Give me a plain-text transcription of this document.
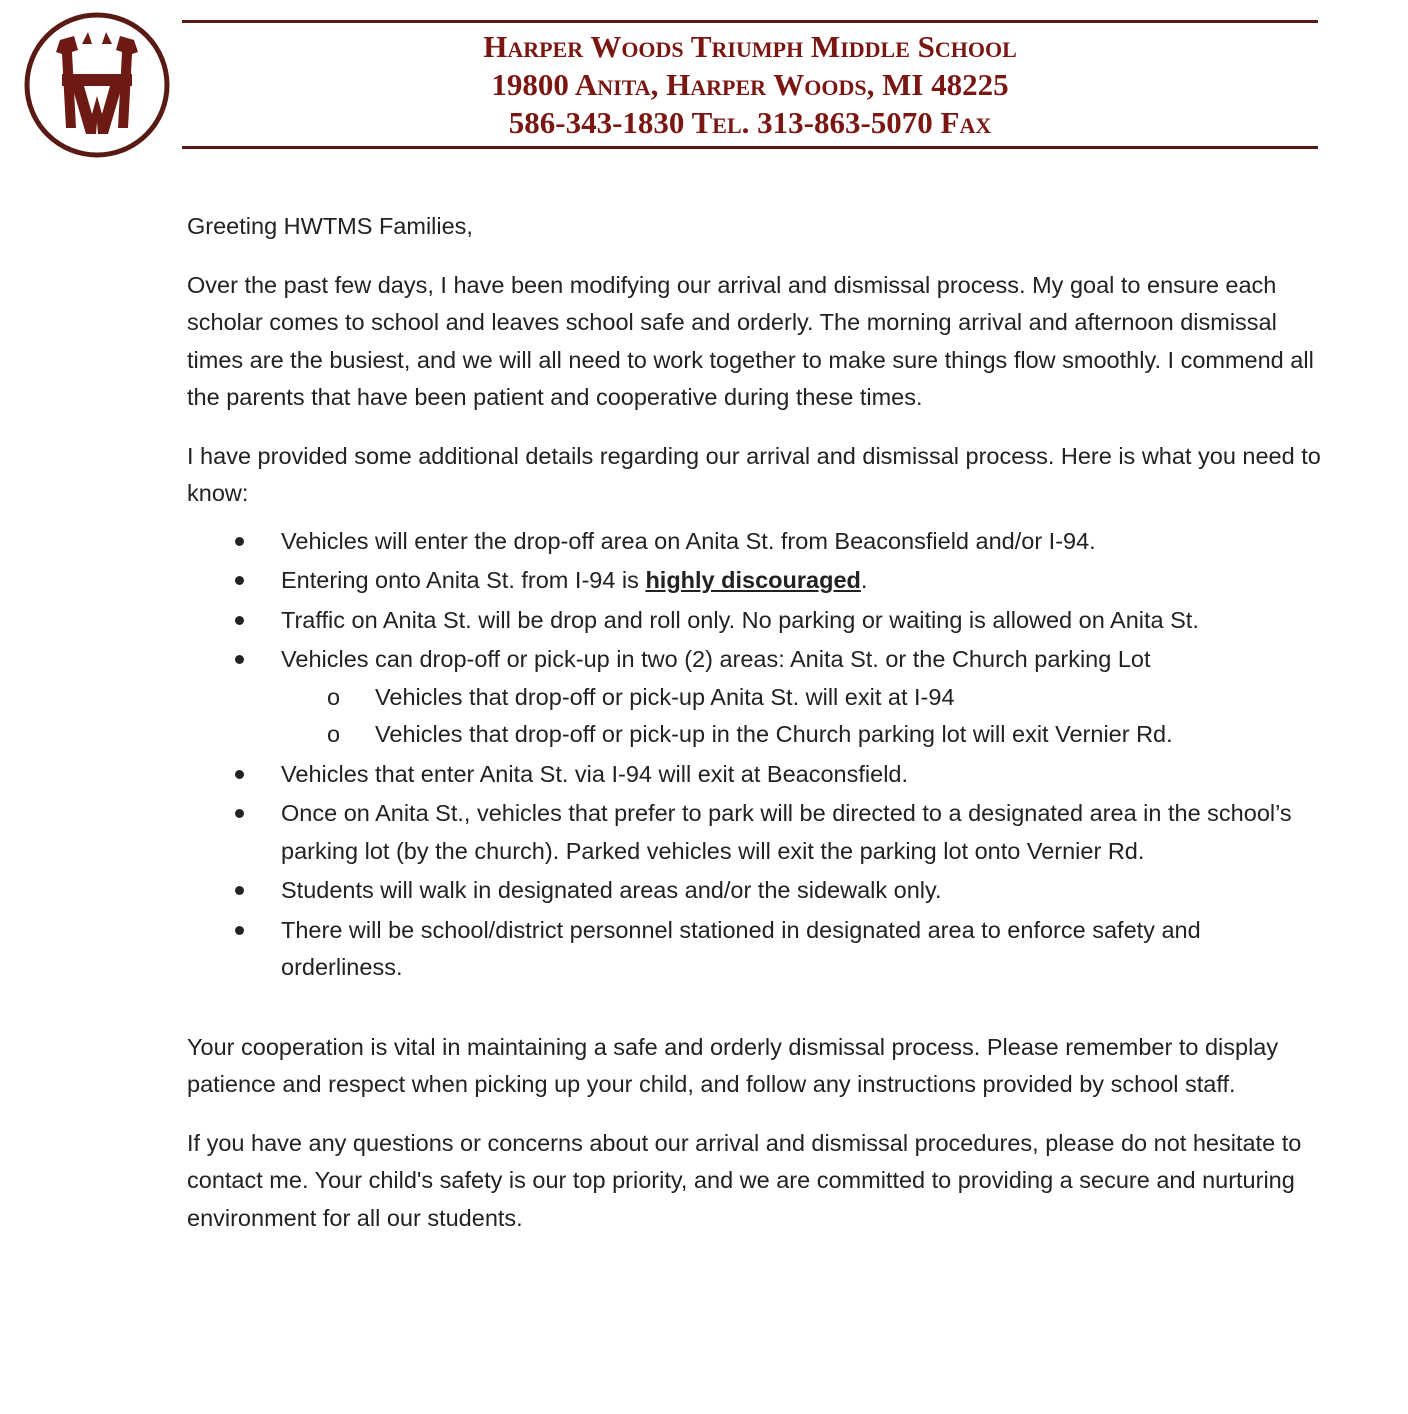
Harper Woods Triumph Middle School
19800 Anita, Harper Woods, MI 48225
586-343-1830 Tel. 313-863-5070 Fax

Greeting HWTMS Families,

Over the past few days, I have been modifying our arrival and dismissal process. My goal to ensure each scholar comes to school and leaves school safe and orderly. The morning arrival and afternoon dismissal times are the busiest, and we will all need to work together to make sure things flow smoothly. I commend all the parents that have been patient and cooperative during these times.

I have provided some additional details regarding our arrival and dismissal process. Here is what you need to know:

Vehicles will enter the drop-off area on Anita St. from Beaconsfield and/or I-94.
Entering onto Anita St. from I-94 is highly discouraged.
Traffic on Anita St. will be drop and roll only. No parking or waiting is allowed on Anita St.
Vehicles can drop-off or pick-up in two (2) areas: Anita St. or the Church parking Lot
o Vehicles that drop-off or pick-up Anita St. will exit at I-94
o Vehicles that drop-off or pick-up in the Church parking lot will exit Vernier Rd.
Vehicles that enter Anita St. via I-94 will exit at Beaconsfield.
Once on Anita St., vehicles that prefer to park will be directed to a designated area in the school’s parking lot (by the church). Parked vehicles will exit the parking lot onto Vernier Rd.
Students will walk in designated areas and/or the sidewalk only.
There will be school/district personnel stationed in designated area to enforce safety and orderliness.

Your cooperation is vital in maintaining a safe and orderly dismissal process. Please remember to display patience and respect when picking up your child, and follow any instructions provided by school staff.

If you have any questions or concerns about our arrival and dismissal procedures, please do not hesitate to contact me. Your child's safety is our top priority, and we are committed to providing a secure and nurturing environment for all our students.
